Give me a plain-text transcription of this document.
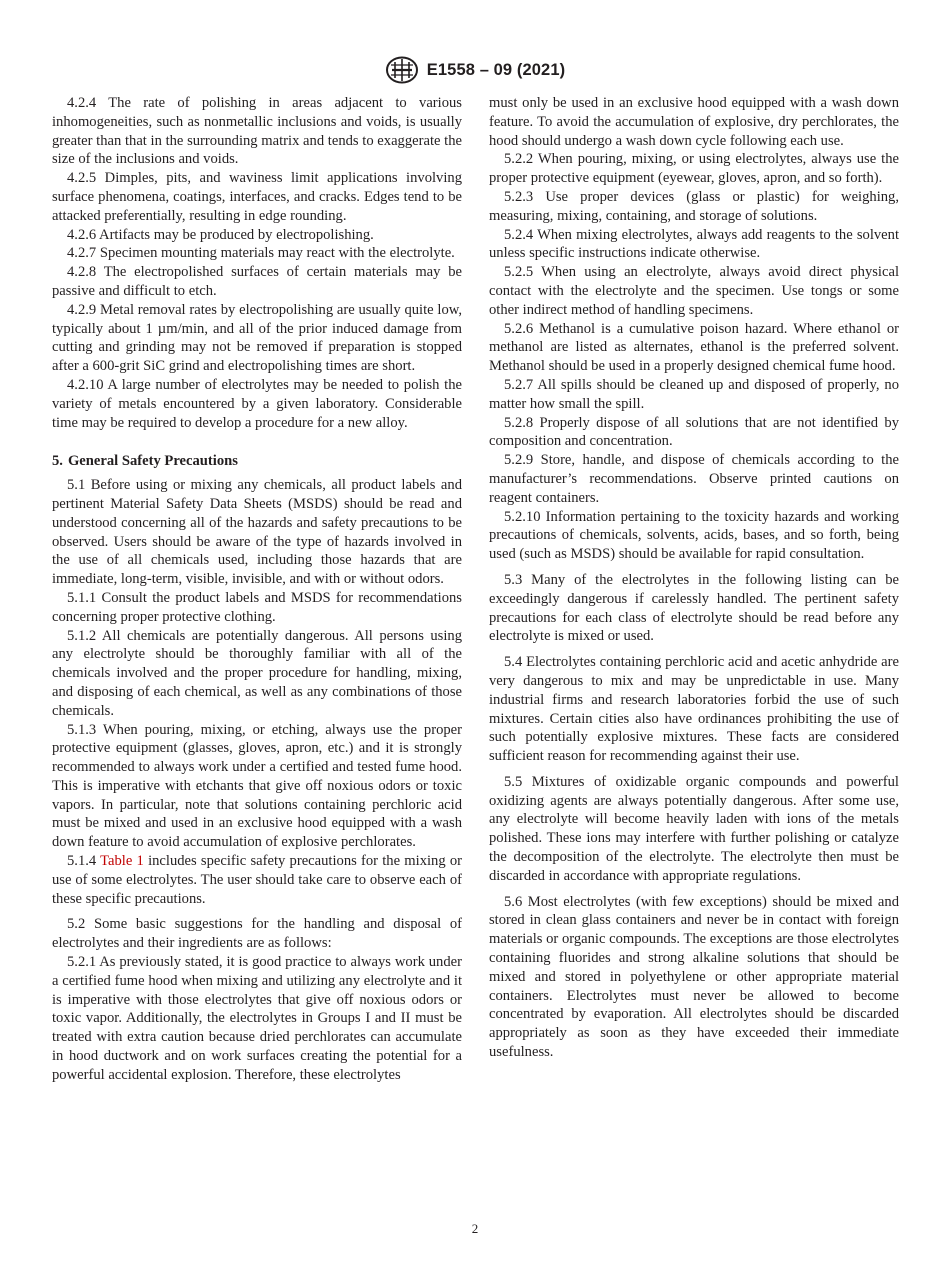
E1558 – 09 (2021)

4.2.4 The rate of polishing in areas adjacent to various inhomogeneities, such as nonmetallic inclusions and voids, is usually greater than that in the surrounding matrix and tends to exaggerate the size of the inclusions and voids.

4.2.5 Dimples, pits, and waviness limit applications involving surface phenomena, coatings, interfaces, and cracks. Edges tend to be attacked preferentially, resulting in edge rounding.

4.2.6 Artifacts may be produced by electropolishing.

4.2.7 Specimen mounting materials may react with the electrolyte.

4.2.8 The electropolished surfaces of certain materials may be passive and difficult to etch.

4.2.9 Metal removal rates by electropolishing are usually quite low, typically about 1 µm/min, and all of the prior induced damage from cutting and grinding may not be removed if preparation is stopped after a 600-grit SiC grind and electropolishing times are short.

4.2.10 A large number of electrolytes may be needed to polish the variety of metals encountered by a given laboratory. Considerable time may be required to develop a procedure for a new alloy.

5. General Safety Precautions

5.1 Before using or mixing any chemicals, all product labels and pertinent Material Safety Data Sheets (MSDS) should be read and understood concerning all of the hazards and safety precautions to be observed. Users should be aware of the type of hazards involved in the use of all chemicals used, including those hazards that are immediate, long-term, visible, invisible, and with or without odors.

5.1.1 Consult the product labels and MSDS for recommendations concerning proper protective clothing.

5.1.2 All chemicals are potentially dangerous. All persons using any electrolyte should be thoroughly familiar with all of the chemicals involved and the proper procedure for handling, mixing, and disposing of each chemical, as well as any combinations of those chemicals.

5.1.3 When pouring, mixing, or etching, always use the proper protective equipment (glasses, gloves, apron, etc.) and it is strongly recommended to always work under a certified and tested fume hood. This is imperative with etchants that give off noxious odors or toxic vapors. In particular, note that solutions containing perchloric acid must be mixed and used in an exclusive hood equipped with a wash down feature to avoid accumulation of explosive perchlorates.

5.1.4 Table 1 includes specific safety precautions for the mixing or use of some electrolytes. The user should take care to observe each of these specific precautions.

5.2 Some basic suggestions for the handling and disposal of electrolytes and their ingredients are as follows:

5.2.1 As previously stated, it is good practice to always work under a certified fume hood when mixing and utilizing any electrolyte and it is imperative with those electrolytes that give off noxious odors or toxic vapor. Additionally, the electrolytes in Groups I and II must be treated with extra caution because dried perchlorates can accumulate in hood ductwork and on work surfaces creating the potential for a powerful accidental explosion. Therefore, these electrolytes

must only be used in an exclusive hood equipped with a wash down feature. To avoid the accumulation of explosive, dry perchlorates, the hood should undergo a wash down cycle following each use.

5.2.2 When pouring, mixing, or using electrolytes, always use the proper protective equipment (eyewear, gloves, apron, and so forth).

5.2.3 Use proper devices (glass or plastic) for weighing, measuring, mixing, containing, and storage of solutions.

5.2.4 When mixing electrolytes, always add reagents to the solvent unless specific instructions indicate otherwise.

5.2.5 When using an electrolyte, always avoid direct physical contact with the electrolyte and the specimen. Use tongs or some other indirect method of handling specimens.

5.2.6 Methanol is a cumulative poison hazard. Where ethanol or methanol are listed as alternates, ethanol is the preferred solvent. Methanol should be used in a properly designed chemical fume hood.

5.2.7 All spills should be cleaned up and disposed of properly, no matter how small the spill.

5.2.8 Properly dispose of all solutions that are not identified by composition and concentration.

5.2.9 Store, handle, and dispose of chemicals according to the manufacturer’s recommendations. Observe printed cautions on reagent containers.

5.2.10 Information pertaining to the toxicity hazards and working precautions of chemicals, solvents, acids, bases, and so forth, being used (such as MSDS) should be available for rapid consultation.

5.3 Many of the electrolytes in the following listing can be exceedingly dangerous if carelessly handled. The pertinent safety precautions for each class of electrolyte should be read before any electrolyte is mixed or used.

5.4 Electrolytes containing perchloric acid and acetic anhydride are very dangerous to mix and may be unpredictable in use. Many industrial firms and research laboratories forbid the use of such mixtures. Certain cities also have ordinances prohibiting the use of such potentially explosive mixtures. These facts are considered sufficient reason for recommending against their use.

5.5 Mixtures of oxidizable organic compounds and powerful oxidizing agents are always potentially dangerous. After some use, any electrolyte will become heavily laden with ions of the metals polished. These ions may interfere with further polishing or catalyze the decomposition of the electrolyte. The electrolyte then must be discarded in accordance with appropriate regulations.

5.6 Most electrolytes (with few exceptions) should be mixed and stored in clean glass containers and never be in contact with foreign materials or organic compounds. The exceptions are those electrolytes containing fluorides and strong alkaline solutions that should be mixed and stored in polyethylene or other appropriate material containers. Electrolytes must never be allowed to become concentrated by evaporation. All electrolytes should be discarded appropriately as soon as they have exceeded their immediate usefulness.

2
